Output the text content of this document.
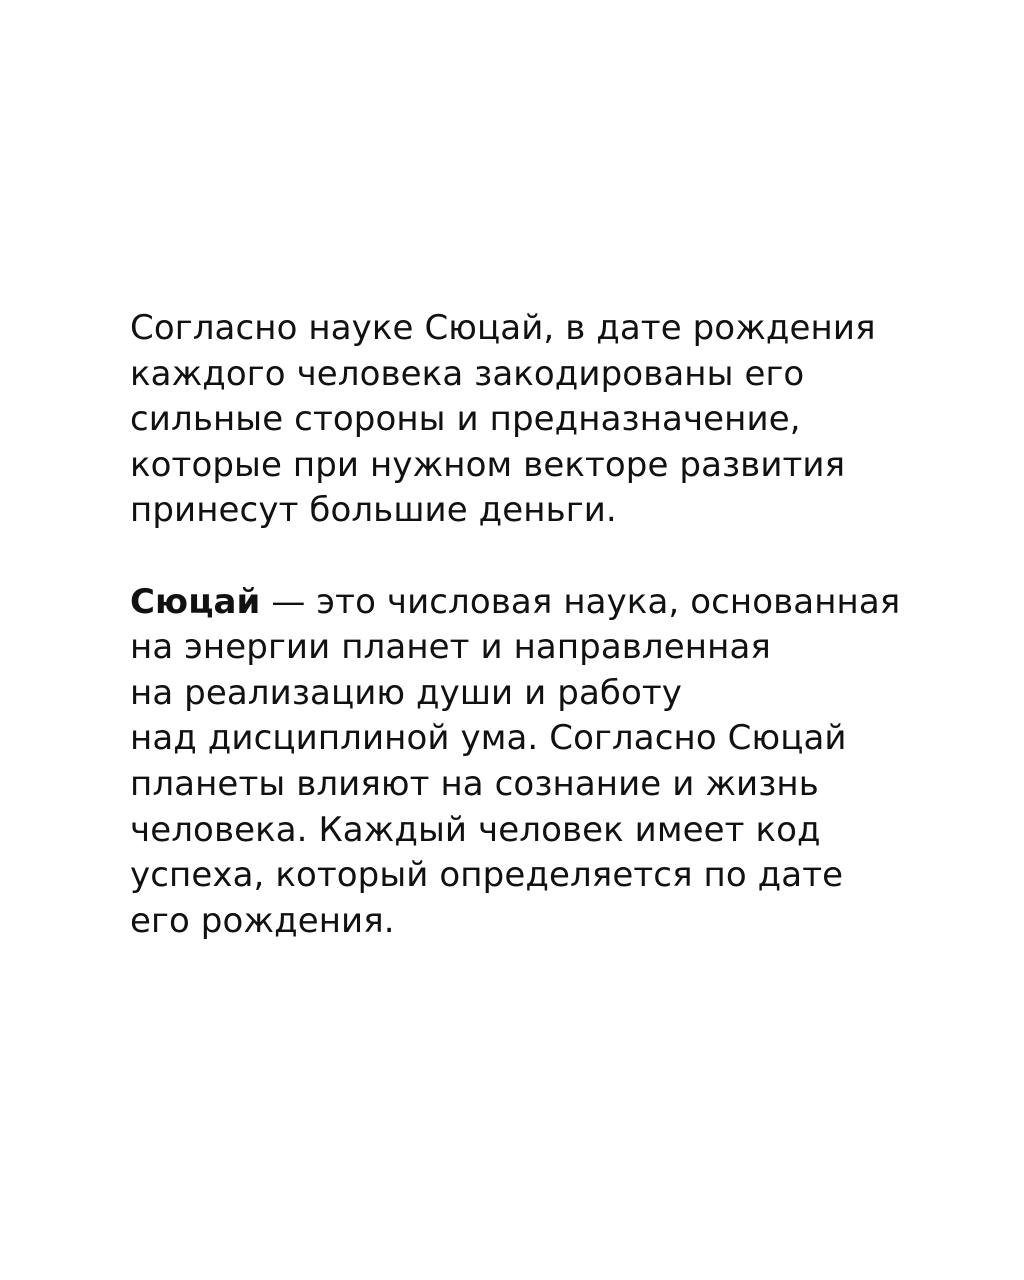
Согласно науке Сюцай, в дате рождения
каждого человека закодированы его
сильные стороны и предназначение,
которые при нужном векторе развития
принесут большие деньги.

Сюцай — это числовая наука, основанная
на энергии планет и направленная
на реализацию души и работу
над дисциплиной ума. Согласно Сюцай
планеты влияют на сознание и жизнь
человека. Каждый человек имеет код
успеха, который определяется по дате
его рождения.
